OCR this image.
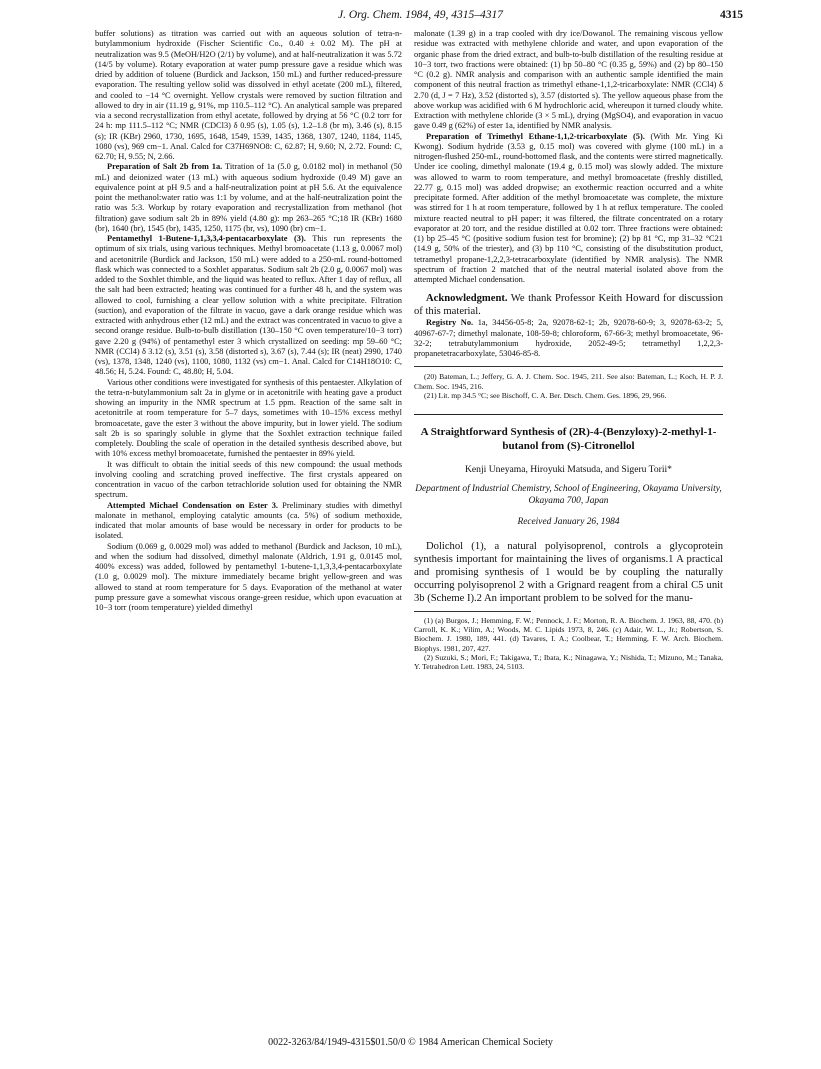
J. Org. Chem. 1984, 49, 4315–4317	4315

buffer solutions) as titration was carried out with an aqueous solution of tetra-n-butylammonium hydroxide (Fischer Scientific Co., 0.40 ± 0.02 M). The pH at neutralization was 9.5 (MeOH/H2O (2/1) by volume), and at half-neutralization it was 5.72 (14/5 by volume). Rotary evaporation at water pump pressure gave a residue which was dried by addition of toluene (Burdick and Jackson, 150 mL) and further reduced-pressure evaporation. The resulting yellow solid was dissolved in ethyl acetate (200 mL), filtered, and cooled to −14 °C overnight. Yellow crystals were removed by suction filtration and allowed to dry in air (11.19 g, 91%, mp 110.5–112 °C). An analytical sample was prepared via a second recrystallization from ethyl acetate, followed by drying at 56 °C (0.2 torr for 24 h: mp 111.5–112 °C; NMR (CDCl3) δ 0.95 (s), 1.05 (s), 1.2–1.8 (br m), 3.46 (s), 8.15 (s); IR (KBr) 2960, 1730, 1695, 1648, 1549, 1539, 1435, 1368, 1307, 1240, 1184, 1145, 1080 (vs), 969 cm−1. Anal. Calcd for C37H69NO8: C, 62.87; H, 9.60; N, 2.72. Found: C, 62.70; H, 9.55; N, 2.66.

Preparation of Salt 2b from 1a. Titration of 1a (5.0 g, 0.0182 mol) in methanol (50 mL) and deionized water (13 mL) with aqueous sodium hydroxide (0.49 M) gave an equivalence point at pH 9.5 and a half-neutralization point at pH 5.6. At the equivalence point the methanol:water ratio was 1:1 by volume, and at the half-neutralization point the ratio was 5:3. Workup by rotary evaporation and recrystallization from methanol (hot filtration) gave sodium salt 2b in 89% yield (4.80 g): mp 263–265 °C;18 IR (KBr) 1680 (br), 1640 (br), 1545 (br), 1435, 1250, 1175 (br, vs), 1090 (br) cm−1.

Pentamethyl 1-Butene-1,1,3,3,4-pentacarboxylate (3). This run represents the optimum of six trials, using various techniques. Methyl bromoacetate (1.13 g, 0.0067 mol) and acetonitrile (Burdick and Jackson, 150 mL) were added to a 250-mL round-bottomed flask which was connected to a Soxhlet apparatus. Sodium salt 2b (2.0 g, 0.0067 mol) was added to the Soxhlet thimble, and the liquid was heated to reflux. After 1 day of reflux, all the salt had been extracted; heating was continued for a further 48 h, and the system was allowed to cool, furnishing a clear yellow solution with a white precipitate. Filtration (suction), and evaporation of the filtrate in vacuo, gave a dark orange residue which was extracted with anhydrous ether (12 mL) and the extract was concentrated in vacuo to give a second orange residue. Bulb-to-bulb distillation (130–150 °C oven temperature/10−3 torr) gave 2.20 g (94%) of pentamethyl ester 3 which crystallized on seeding: mp 59–60 °C; NMR (CCl4) δ 3.12 (s), 3.51 (s), 3.58 (distorted s), 3.67 (s), 7.44 (s); IR (neat) 2990, 1740 (vs), 1378, 1348, 1240 (vs), 1100, 1080, 1132 (vs) cm−1. Anal. Calcd for C14H18O10: C, 48.56; H, 5.24. Found: C, 48.80; H, 5.04.

Various other conditions were investigated for synthesis of this pentaester. Alkylation of the tetra-n-butylammonium salt 2a in glyme or in acetonitrile with heating gave a product showing an impurity in the NMR spectrum at 1.5 ppm. Reaction of the same salt in acetonitrile at room temperature for 5–7 days, sometimes with 10–15% excess methyl bromoacetate, gave the ester 3 without the above impurity, but in lower yield. The sodium salt 2b is so sparingly soluble in glyme that the Soxhlet extraction technique failed completely. Doubling the scale of operation in the detailed synthesis described above, but with 10% excess methyl bromoacetate, furnished the pentaester in 89% yield.

It was difficult to obtain the initial seeds of this new compound: the usual methods involving cooling and scratching proved ineffective. The first crystals appeared on concentration in vacuo of the carbon tetrachloride solution used for obtaining the NMR spectrum.

Attempted Michael Condensation on Ester 3. Preliminary studies with dimethyl malonate in methanol, employing catalytic amounts (ca. 5%) of sodium methoxide, indicated that molar amounts of base would be necessary in order for products to be isolated.

Sodium (0.069 g, 0.0029 mol) was added to methanol (Burdick and Jackson, 10 mL), and when the sodium had dissolved, dimethyl malonate (Aldrich, 1.91 g, 0.0145 mol, 400% excess) was added, followed by pentamethyl 1-butene-1,1,3,3,4-pentacarboxylate (1.0 g, 0.0029 mol). The mixture immediately became bright yellow-green and was allowed to stand at room temperature for 5 days. Evaporation of the methanol at water pump pressure gave a somewhat viscous orange-green residue, which upon evacuation at 10−3 torr (room temperature) yielded dimethyl

malonate (1.39 g) in a trap cooled with dry ice/Dowanol. The remaining viscous yellow residue was extracted with methylene chloride and water, and upon evaporation of the organic phase from the dried extract, and bulb-to-bulb distillation of the resulting residue at 10−3 torr, two fractions were obtained: (1) bp 50–80 °C (0.35 g, 59%) and (2) bp 80–150 °C (0.2 g). NMR analysis and comparison with an authentic sample identified the main component of this neutral fraction as trimethyl ethane-1,1,2-tricarboxylate: NMR (CCl4) δ 2.70 (d, J = 7 Hz), 3.52 (distorted s), 3.57 (distorted s). The yellow aqueous phase from the above workup was acidified with 6 M hydrochloric acid, whereupon it turned cloudy white. Extraction with methylene chloride (3 × 5 mL), drying (MgSO4), and evaporation in vacuo gave 0.49 g (62%) of ester 1a, identified by NMR analysis.

Preparation of Trimethyl Ethane-1,1,2-tricarboxylate (5). (With Mr. Ying Ki Kwong). Sodium hydride (3.53 g, 0.15 mol) was covered with glyme (100 mL) in a nitrogen-flushed 250-mL, round-bottomed flask, and the contents were stirred magnetically. Under ice cooling, dimethyl malonate (19.4 g, 0.15 mol) was slowly added. The mixture was allowed to warm to room temperature, and methyl bromoacetate (freshly distilled, 22.77 g, 0.15 mol) was added dropwise; an exothermic reaction occurred and a white precipitate formed. After addition of the methyl bromoacetate was complete, the mixture was stirred for 1 h at room temperature, followed by 1 h at reflux temperature. The cooled mixture reacted neutral to pH paper; it was filtered, the filtrate concentrated on a rotary evaporator at 20 torr, and the residue distilled at 0.02 torr. Three fractions were obtained: (1) bp 25–45 °C (positive sodium fusion test for bromine); (2) bp 81 °C, mp 31–32 °C21 (14.9 g, 50% of the triester), and (3) bp 110 °C, consisting of the disubstitution product, tetramethyl propane-1,2,2,3-tetracarboxylate (identified by NMR analysis). The NMR spectrum of fraction 2 matched that of the neutral material isolated above from the attempted Michael condensation.

Acknowledgment. We thank Professor Keith Howard for discussion of this material.

Registry No. 1a, 34456-05-8; 2a, 92078-62-1; 2b, 92078-60-9; 3, 92078-63-2; 5, 40967-67-7; dimethyl malonate, 108-59-8; chloroform, 67-66-3; methyl bromoacetate, 96-32-2; tetrabutylammonium hydroxide, 2052-49-5; tetramethyl 1,2,2,3-propanetetracarboxylate, 53046-85-8.

(20) Bateman, L.; Jeffery, G. A. J. Chem. Soc. 1945, 211. See also: Bateman, L.; Koch, H. P. J. Chem. Soc. 1945, 216.

(21) Lit. mp 34.5 °C; see Bischoff, C. A. Ber. Dtsch. Chem. Ges. 1896, 29, 966.

A Straightforward Synthesis of (2R)-4-(Benzyloxy)-2-methyl-1-butanol from (S)-Citronellol
Kenji Uneyama, Hiroyuki Matsuda, and Sigeru Torii*
Department of Industrial Chemistry, School of Engineering, Okayama University, Okayama 700, Japan
Received January 26, 1984

Dolichol (1), a natural polyisoprenol, controls a glycoprotein synthesis important for maintaining the lives of organisms.1 A practical and promising synthesis of 1 would be by coupling the naturally occurring polyisoprenol 2 with a Grignard reagent from a chiral C5 unit 3b (Scheme I).2 An important problem to be solved for the manu-

(1) (a) Burgos, J.; Hemming, F. W.; Pennock, J. F.; Morton, R. A. Biochem. J. 1963, 88, 470. (b) Carroll, K. K.; Vilim, A.; Woods, M. C. Lipids 1973, 8, 246. (c) Adair, W. L., Jr.; Robertson, S. Biochem. J. 1980, 189, 441. (d) Tavares, I. A.; Coolbear, T.; Hemming, F. W. Arch. Biochem. Biophys. 1981, 207, 427.

(2) Suzuki, S.; Mori, F.; Takigawa, T.; Ibata, K.; Ninagawa, Y.; Nishida, T.; Mizuno, M.; Tanaka, Y. Tetrahedron Lett. 1983, 24, 5103.

0022-3263/84/1949-4315$01.50/0 © 1984 American Chemical Society
